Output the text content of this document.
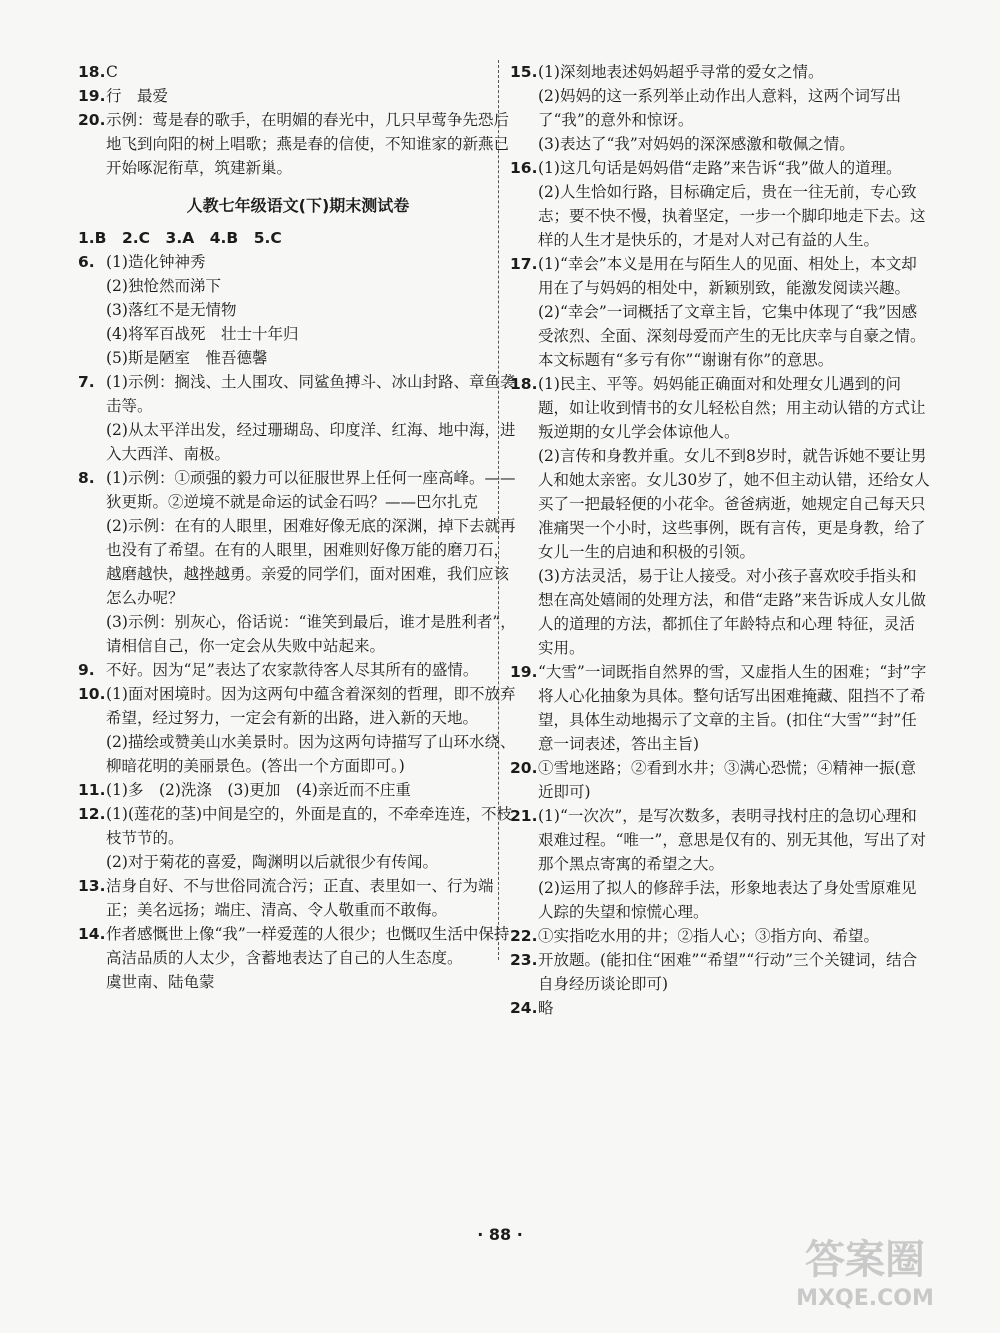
18. C
19. 行　最爱
20. 示例：莺是春的歌手，在明媚的春光中，几只早莺争先恐后地飞到向阳的树上唱歌；燕是春的信使，不知谁家的新燕已开始啄泥衔草，筑建新巢。
人教七年级语文(下)期末测试卷
1.B　2.C　3.A　4.B　5.C
6. (1)造化钟神秀
(2)独怆然而涕下
(3)落红不是无情物
(4)将军百战死　壮士十年归
(5)斯是陋室　惟吾德馨
7. (1)示例：搁浅、土人围攻、同鲨鱼搏斗、冰山封路、章鱼袭击等。
(2)从太平洋出发，经过珊瑚岛、印度洋、红海、地中海，进入大西洋、南极。
8. (1)示例：①顽强的毅力可以征服世界上任何一座高峰。——狄更斯。②逆境不就是命运的试金石吗？——巴尔扎克
(2)示例：在有的人眼里，困难好像无底的深渊，掉下去就再也没有了希望。在有的人眼里，困难则好像万能的磨刀石，越磨越快，越挫越勇。亲爱的同学们，面对困难，我们应该怎么办呢？
(3)示例：别灰心，俗话说：“谁笑到最后，谁才是胜利者”，请相信自己，你一定会从失败中站起来。
9. 不好。因为“足”表达了农家款待客人尽其所有的盛情。
10. (1)面对困境时。因为这两句中蕴含着深刻的哲理，即不放弃希望，经过努力，一定会有新的出路，进入新的天地。
(2)描绘或赞美山水美景时。因为这两句诗描写了山环水绕、柳暗花明的美丽景色。(答出一个方面即可。)
11. (1)多　(2)洗涤　(3)更加　(4)亲近而不庄重
12. (1)(莲花的茎)中间是空的，外面是直的，不牵牵连连，不枝枝节节的。
(2)对于菊花的喜爱，陶渊明以后就很少有传闻。
13. 洁身自好、不与世俗同流合污；正直、表里如一、行为端正；美名远扬；端庄、清高、令人敬重而不敢侮。
14. 作者感慨世上像“我”一样爱莲的人很少；也慨叹生活中保持高洁品质的人太少，含蓄地表达了自己的人生态度。
虞世南、陆龟蒙
15. (1)深刻地表述妈妈超乎寻常的爱女之情。
(2)妈妈的这一系列举止动作出人意料，这两个词写出了“我”的意外和惊讶。
(3)表达了“我”对妈妈的深深感激和敬佩之情。
16. (1)这几句话是妈妈借“走路”来告诉“我”做人的道理。
(2)人生恰如行路，目标确定后，贵在一往无前，专心致志；要不快不慢，执着坚定，一步一个脚印地走下去。这样的人生才是快乐的，才是对人对己有益的人生。
17. (1)“幸会”本义是用在与陌生人的见面、相处上，本文却用在了与妈妈的相处中，新颖别致，能激发阅读兴趣。
(2)“幸会”一词概括了文章主旨，它集中体现了“我”因感受浓烈、全面、深刻母爱而产生的无比庆幸与自豪之情。本文标题有“多亏有你”“谢谢有你”的意思。
18. (1)民主、平等。妈妈能正确面对和处理女儿遇到的问题，如让收到情书的女儿轻松自然；用主动认错的方式让叛逆期的女儿学会体谅他人。
(2)言传和身教并重。女儿不到8岁时，就告诉她不要让男人和她太亲密。女儿30岁了，她不但主动认错，还给女人买了一把最轻便的小花伞。爸爸病逝，她规定自己每天只准痛哭一个小时，这些事例，既有言传，更是身教，给了女儿一生的启迪和积极的引领。
(3)方法灵活，易于让人接受。对小孩子喜欢咬手指头和想在高处嬉闹的处理方法，和借“走路”来告诉成人女儿做人的道理的方法，都抓住了年龄特点和心理 特征，灵活实用。
19. “大雪”一词既指自然界的雪，又虚指人生的困难；“封”字将人心化抽象为具体。整句话写出困难掩藏、阻挡不了希望，具体生动地揭示了文章的主旨。(扣住“大雪”“封”任意一词表述，答出主旨)
20. ①雪地迷路；②看到水井；③满心恐慌；④精神一振(意近即可)
21. (1)“一次次”，是写次数多，表明寻找村庄的急切心理和艰难过程。“唯一”，意思是仅有的、别无其他，写出了对那个黑点寄寓的希望之大。
(2)运用了拟人的修辞手法，形象地表达了身处雪原难见人踪的失望和惊慌心理。
22. ①实指吃水用的井；②指人心；③指方向、希望。
23. 开放题。(能扣住“困难”“希望”“行动”三个关键词，结合自身经历谈论即可)
24. 略
· 88 ·
答案圈
MXQE.COM
